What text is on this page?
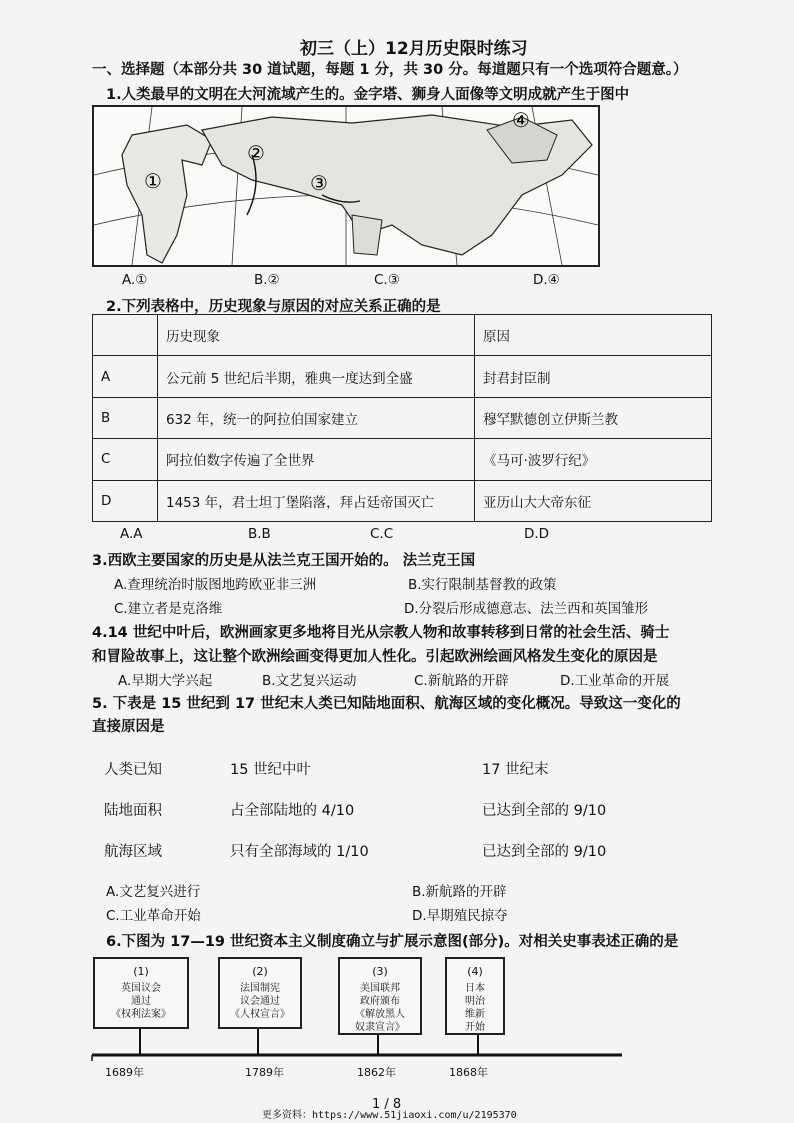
初三（上）12月历史限时练习
一、选择题（本部分共 30 道试题，每题 1 分，共 30 分。每道题只有一个选项符合题意。）
1.人类最早的文明在大河流域产生的。金字塔、狮身人面像等文明成就产生于图中
①
②
③
④
A.①	B.②	C.③	D.④
2.下列表格中，历史现象与原因的对应关系正确的是
	历史现象	原因
A	公元前 5 世纪后半期，雅典一度达到全盛	封君封臣制
B	632 年，统一的阿拉伯国家建立	穆罕默德创立伊斯兰教
C	阿拉伯数字传遍了全世界	《马可·波罗行纪》
D	1453 年，君士坦丁堡陷落，拜占廷帝国灭亡	亚历山大大帝东征
A.A	B.B	C.C	D.D
3.西欧主要国家的历史是从法兰克王国开始的。 法兰克王国
A.查理统治时版图地跨欧亚非三洲	B.实行限制基督教的政策
C.建立者是克洛维	D.分裂后形成德意志、法兰西和英国雏形
4.14 世纪中叶后，欧洲画家更多地将目光从宗教人物和故事转移到日常的社会生活、骑士
和冒险故事上，这让整个欧洲绘画变得更加人性化。引起欧洲绘画风格发生变化的原因是
A.早期大学兴起	B.文艺复兴运动	C.新航路的开辟	D.工业革命的开展
5. 下表是 15 世纪到 17 世纪末人类已知陆地面积、航海区域的变化概况。导致这一变化的
直接原因是
人类已知	15 世纪中叶	17 世纪末
陆地面积	占全部陆地的 4/10	已达到全部的 9/10
航海区域	只有全部海域的 1/10	已达到全部的 9/10
A.文艺复兴进行	B.新航路的开辟
C.工业革命开始	D.早期殖民掠夺
6.下图为 17—19 世纪资本主义制度确立与扩展示意图(部分)。对相关史事表述正确的是
(1)
英国议会
通过
《权利法案》
(2)
法国制宪
议会通过
《人权宣言》
(3)
美国联邦
政府颁布
《解放黑人
奴隶宣言》
(4)
日本
明治
维新
开始
1689年	1789年	1862年	1868年
1 / 8
更多资料：https://www.51jiaoxi.com/u/2195370
